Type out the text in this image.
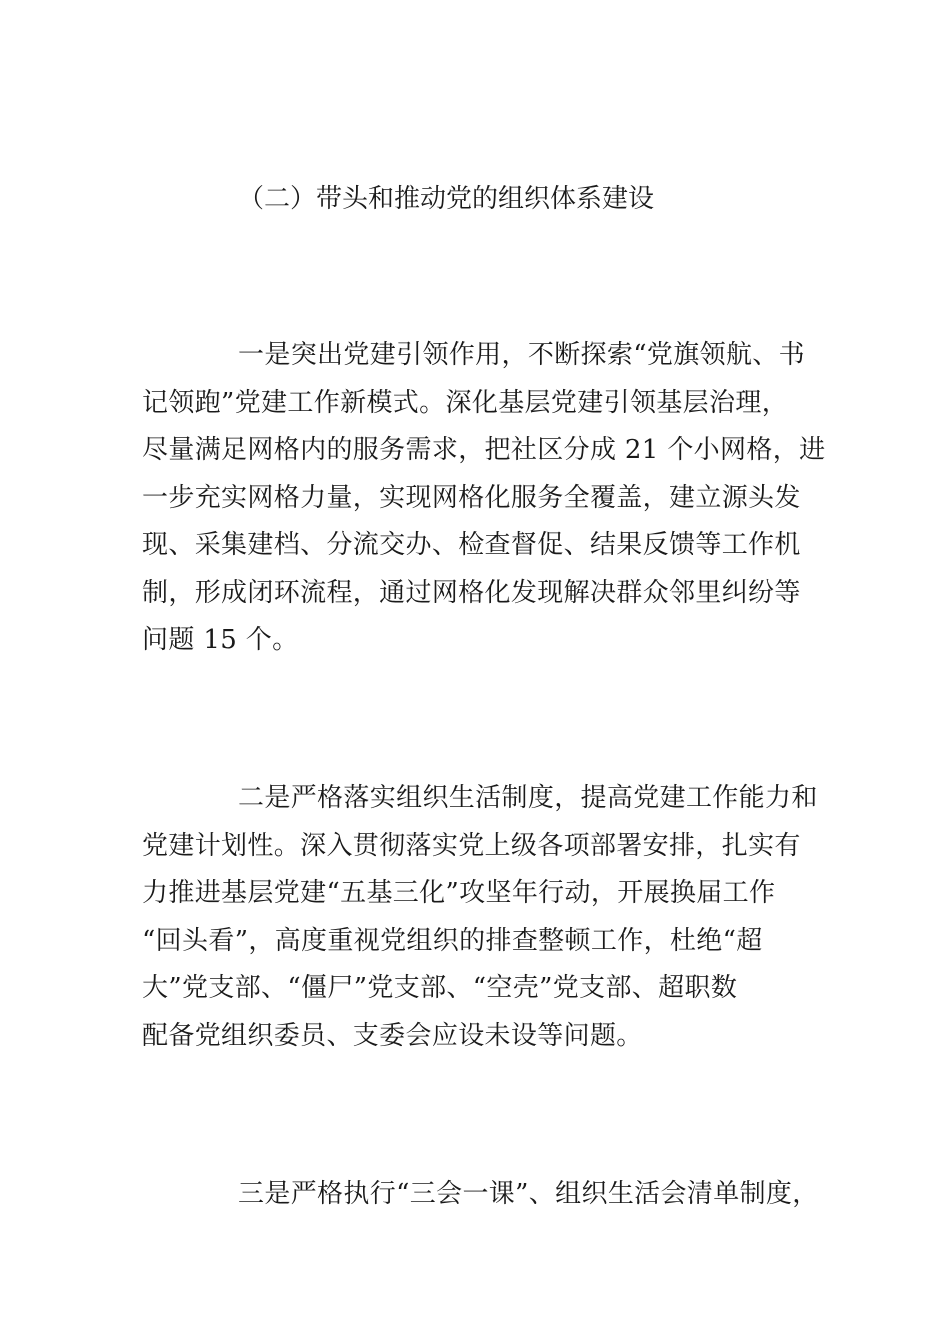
（二）带头和推动党的组织体系建设
一是突出党建引领作用，不断探索“党旗领航、书
记领跑”党建工作新模式。深化基层党建引领基层治理，
尽量满足网格内的服务需求，把社区分成 21 个小网格，进
一步充实网格力量，实现网格化服务全覆盖，建立源头发
现、采集建档、分流交办、检查督促、结果反馈等工作机
制，形成闭环流程，通过网格化发现解决群众邻里纠纷等
问题 15 个。
二是严格落实组织生活制度，提高党建工作能力和
党建计划性。深入贯彻落实党上级各项部署安排，扎实有
力推进基层党建“五基三化”攻坚年行动，开展换届工作
“回头看”，高度重视党组织的排查整顿工作，杜绝“超
大”党支部、“僵尸”党支部、“空壳”党支部、超职数
配备党组织委员、支委会应设未设等问题。
三是严格执行“三会一课”、组织生活会清单制度，
